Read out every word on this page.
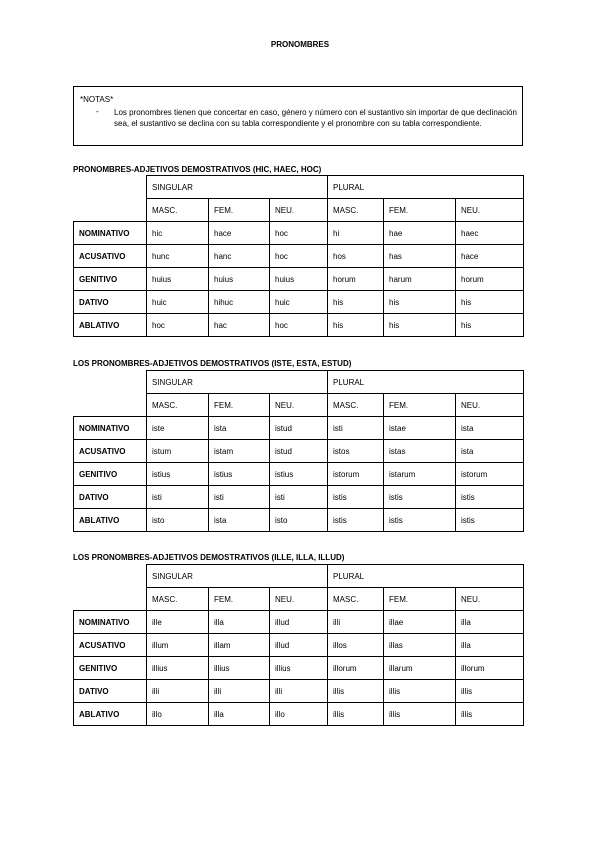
PRONOMBRES
*NOTAS*
- Los pronombres tienen que concertar en caso, género y número con el sustantivo sin importar de que declinación sea, el sustantivo se declina con su tabla correspondiente y el pronombre con su tabla correspondiente.
PRONOMBRES-ADJETIVOS DEMOSTRATIVOS (HIC, HAEC, HOC)
	SINGULAR			PLURAL		
	MASC.	FEM.	NEU.	MASC.	FEM.	NEU.
NOMINATIVO	hic	hace	hoc	hi	hae	haec
ACUSATIVO	hunc	hanc	hoc	hos	has	hace
GENITIVO	huius	huius	huius	horum	harum	horum
DATIVO	huic	hihuc	huic	his	his	his
ABLATIVO	hoc	hac	hoc	his	his	his
LOS PRONOMBRES-ADJETIVOS DEMOSTRATIVOS (ISTE, ESTA, ESTUD)
	SINGULAR			PLURAL		
	MASC.	FEM.	NEU.	MASC.	FEM.	NEU.
NOMINATIVO	iste	ista	istud	isti	istae	ista
ACUSATIVO	istum	istam	istud	istos	istas	ista
GENITIVO	istius	istius	istius	istorum	istarum	istorum
DATIVO	isti	isti	isti	istis	istis	istis
ABLATIVO	isto	ista	isto	istis	istis	istis
LOS PRONOMBRES-ADJETIVOS DEMOSTRATIVOS (ILLE, ILLA, ILLUD)
	SINGULAR			PLURAL		
	MASC.	FEM.	NEU.	MASC.	FEM.	NEU.
NOMINATIVO	ille	illa	illud	illi	illae	illa
ACUSATIVO	illum	illam	illud	illos	illas	illa
GENITIVO	illius	illius	illius	illorum	illarum	illorum
DATIVO	illi	illi	illi	illis	illis	illis
ABLATIVO	illo	illa	illo	illis	illis	illis
